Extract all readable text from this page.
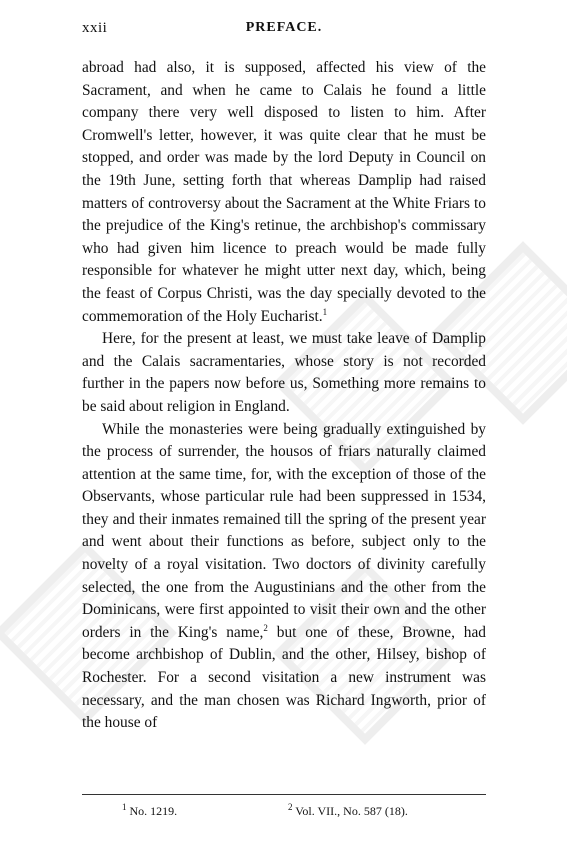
xxii	PREFACE.

abroad had also, it is supposed, affected his view of the Sacrament, and when he came to Calais he found a little company there very well disposed to listen to him. After Cromwell's letter, however, it was quite clear that he must be stopped, and order was made by the lord Deputy in Council on the 19th June, setting forth that whereas Damplip had raised matters of controversy about the Sacrament at the White Friars to the prejudice of the King's retinue, the archbishop's commissary who had given him licence to preach would be made fully responsible for whatever he might utter next day, which, being the feast of Corpus Christi, was the day specially devoted to the commemoration of the Holy Eucharist.$^1$

Here, for the present at least, we must take leave of Damplip and the Calais sacramentaries, whose story is not recorded further in the papers now before us, Something more remains to be said about religion in England.

While the monasteries were being gradually extinguished by the process of surrender, the housos of friars naturally claimed attention at the same time, for, with the exception of those of the Observants, whose particular rule had been suppressed in 1534, they and their inmates remained till the spring of the present year and went about their functions as before, subject only to the novelty of a royal visitation. Two doctors of divinity carefully selected, the one from the Augustinians and the other from the Dominicans, were first appointed to visit their own and the other orders in the King's name,$^2$ but one of these, Browne, had become archbishop of Dublin, and the other, Hilsey, bishop of Rochester. For a second visitation a new instrument was necessary, and the man chosen was Richard Ingworth, prior of the house of

$^1$ No. 1219.	$^2$ Vol. VII., No. 587 (18).
